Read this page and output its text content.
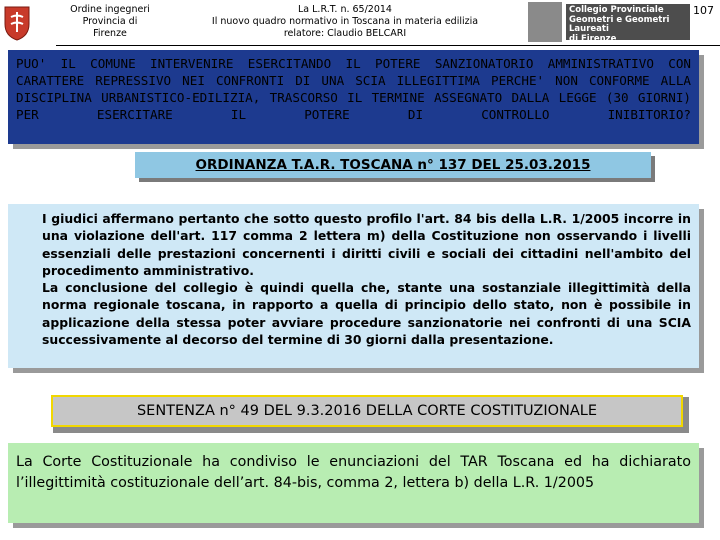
Ordine ingegneri
Provincia di
Firenze
La L.R.T. n. 65/2014
Il nuovo quadro normativo in Toscana in materia edilizia
relatore: Claudio BELCARI
Collegio Provinciale
Geometri e Geometri Laureati
di Firenze
107

PUO' IL COMUNE INTERVENIRE ESERCITANDO IL POTERE SANZIONATORIO AMMINISTRATIVO CON CARATTERE REPRESSIVO NEI CONFRONTI DI UNA SCIA ILLEGITTIMA PERCHE' NON CONFORME ALLA DISCIPLINA URBANISTICO-EDILIZIA, TRASCORSO IL TERMINE ASSEGNATO DALLA LEGGE (30 GIORNI) PER ESERCITARE IL POTERE DI CONTROLLO INIBITORIO?

ORDINANZA T.A.R. TOSCANA n° 137 DEL 25.03.2015

I giudici affermano pertanto che sotto questo profilo l'art. 84 bis della L.R. 1/2005 incorre in una violazione dell'art. 117 comma 2 lettera m) della Costituzione non osservando i livelli essenziali delle prestazioni concernenti i diritti civili e sociali dei cittadini nell'ambito del procedimento amministrativo.

La conclusione del collegio è quindi quella che, stante una sostanziale illegittimità della norma regionale toscana, in rapporto a quella di principio dello stato, non è possibile in applicazione della stessa poter avviare procedure sanzionatorie nei confronti di una SCIA successivamente al decorso del termine di 30 giorni dalla presentazione.

SENTENZA n° 49 DEL 9.3.2016 DELLA CORTE COSTITUZIONALE

La Corte Costituzionale ha condiviso le enunciazioni del TAR Toscana ed ha dichiarato l’illegittimità costituzionale dell’art. 84-bis, comma 2, lettera b) della L.R. 1/2005
